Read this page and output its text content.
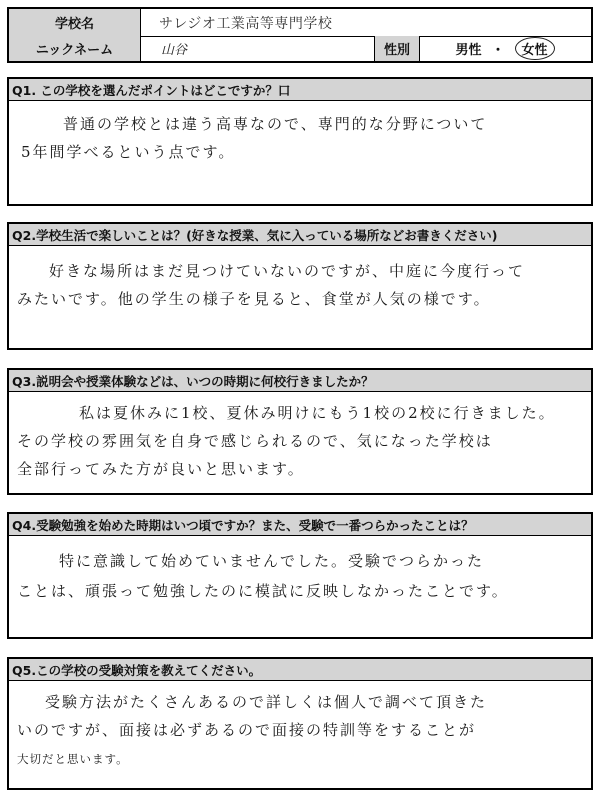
学校名	サレジオ工業高等専門学校
ニックネーム	山谷	性別	男性 ・	女性
Q1. この学校を選んだポイントはどこですか？口
普通の学校とは違う高専なので、専門的な分野について
5年間学べるという点です。
Q2.学校生活で楽しいことは？(好きな授業、気に入っている場所などお書きください)
好きな場所はまだ見つけていないのですが、中庭に今度行って
みたいです。他の学生の様子を見ると、食堂が人気の様です。
Q3.説明会や授業体験などは、いつの時期に何校行きましたか？
私は夏休みに1校、夏休み明けにもう1校の2校に行きました。
その学校の雰囲気を自身で感じられるので、気になった学校は
全部行ってみた方が良いと思います。
Q4.受験勉強を始めた時期はいつ頃ですか？また、受験で一番つらかったことは？
特に意識して始めていませんでした。受験でつらかった
ことは、頑張って勉強したのに模試に反映しなかったことです。
Q5.この学校の受験対策を教えてください。
受験方法がたくさんあるので詳しくは個人で調べて頂きた
いのですが、面接は必ずあるので面接の特訓等をすることが
大切だと思います。
